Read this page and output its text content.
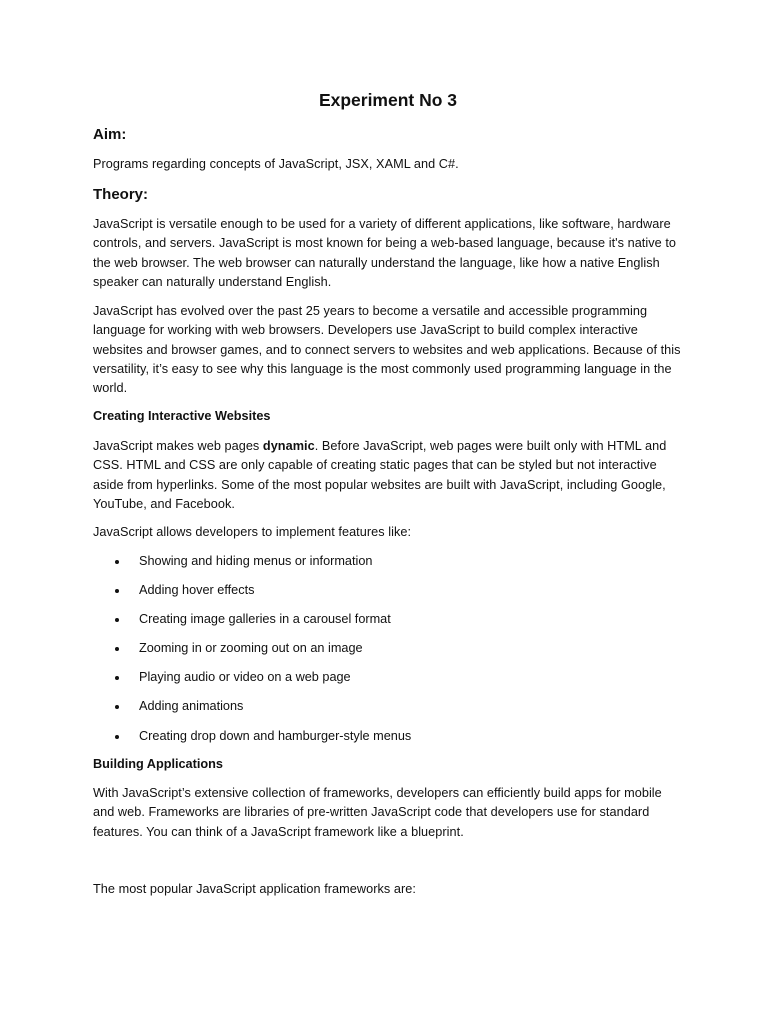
Experiment No 3
Aim:

Programs regarding concepts of JavaScript, JSX, XAML and C#.

Theory:

JavaScript is versatile enough to be used for a variety of different applications, like software, hardware controls, and servers. JavaScript is most known for being a web-based language, because it's native to the web browser. The web browser can naturally understand the language, like how a native English speaker can naturally understand English.

JavaScript has evolved over the past 25 years to become a versatile and accessible programming language for working with web browsers. Developers use JavaScript to build complex interactive websites and browser games, and to connect servers to websites and web applications. Because of this versatility, it’s easy to see why this language is the most commonly used programming language in the world.

Creating Interactive Websites

JavaScript makes web pages dynamic. Before JavaScript, web pages were built only with HTML and CSS. HTML and CSS are only capable of creating static pages that can be styled but not interactive aside from hyperlinks. Some of the most popular websites are built with JavaScript, including Google, YouTube, and Facebook.

JavaScript allows developers to implement features like:

Showing and hiding menus or information
Adding hover effects
Creating image galleries in a carousel format
Zooming in or zooming out on an image
Playing audio or video on a web page
Adding animations
Creating drop down and hamburger-style menus
Building Applications

With JavaScript’s extensive collection of frameworks, developers can efficiently build apps for mobile and web. Frameworks are libraries of pre-written JavaScript code that developers use for standard features. You can think of a JavaScript framework like a blueprint.

The most popular JavaScript application frameworks are:
